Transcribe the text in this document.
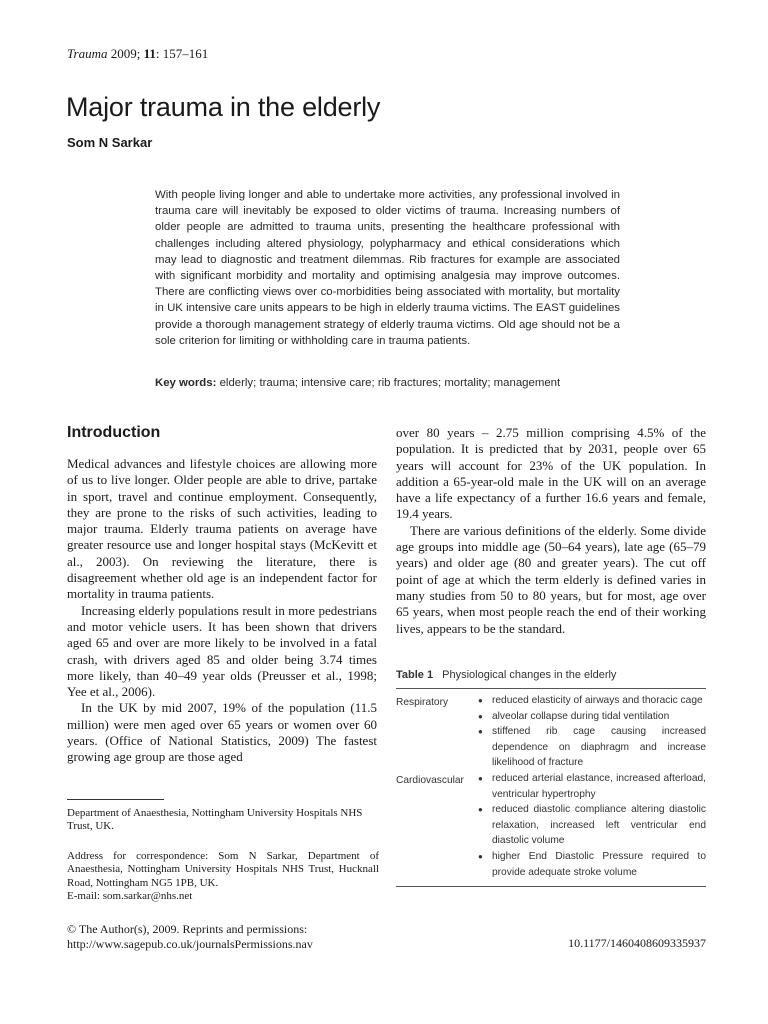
Trauma 2009; 11: 157–161
Major trauma in the elderly
Som N Sarkar

With people living longer and able to undertake more activities, any professional involved in trauma care will inevitably be exposed to older victims of trauma. Increasing numbers of older people are admitted to trauma units, presenting the healthcare professional with challenges including altered physiology, polypharmacy and ethical considerations which may lead to diagnostic and treatment dilemmas. Rib fractures for example are associated with significant morbidity and mortality and optimising analgesia may improve outcomes. There are conflicting views over co-morbidities being associated with mortality, but mortality in UK intensive care units appears to be high in elderly trauma victims. The EAST guidelines provide a thorough management strategy of elderly trauma victims. Old age should not be a sole criterion for limiting or withholding care in trauma patients.

Key words: elderly; trauma; intensive care; rib fractures; mortality; management
Introduction

Medical advances and lifestyle choices are allowing more of us to live longer. Older people are able to drive, partake in sport, travel and continue employment. Consequently, they are prone to the risks of such activities, leading to major trauma. Elderly trauma patients on average have greater resource use and longer hospital stays (McKevitt et al., 2003). On reviewing the literature, there is disagreement whether old age is an independent factor for mortality in trauma patients.

Increasing elderly populations result in more pedestrians and motor vehicle users. It has been shown that drivers aged 65 and over are more likely to be involved in a fatal crash, with drivers aged 85 and older being 3.74 times more likely, than 40–49 year olds (Preusser et al., 1998; Yee et al., 2006).

In the UK by mid 2007, 19% of the population (11.5 million) were men aged over 65 years or women over 60 years. (Office of National Statistics, 2009) The fastest growing age group are those aged

over 80 years – 2.75 million comprising 4.5% of the population. It is predicted that by 2031, people over 65 years will account for 23% of the UK population. In addition a 65-year-old male in the UK will on an average have a life expectancy of a further 16.6 years and female, 19.4 years.

There are various definitions of the elderly. Some divide age groups into middle age (50–64 years), late age (65–79 years) and older age (80 and greater years). The cut off point of age at which the term elderly is defined varies in many studies from 50 to 80 years, but for most, age over 65 years, when most people reach the end of their working lives, appears to be the standard.

Table 1 Physiological changes in the elderly
Respiratory	● reduced elasticity of airways and thoracic cage
● alveolar collapse during tidal ventilation
● stiffened rib cage causing increased dependence on diaphragm and increase likelihood of fracture
Cardiovascular	● reduced arterial elastance, increased afterload, ventricular hypertrophy
● reduced diastolic compliance altering diastolic relaxation, increased left ventricular end diastolic volume
● higher End Diastolic Pressure required to provide adequate stroke volume
Department of Anaesthesia, Nottingham University Hospitals NHS Trust, UK.
Address for correspondence: Som N Sarkar, Department of Anaesthesia, Nottingham University Hospitals NHS Trust, Hucknall Road, Nottingham NG5 1PB, UK.
E-mail: som.sarkar@nhs.net
© The Author(s), 2009. Reprints and permissions:
http://www.sagepub.co.uk/journalsPermissions.nav	10.1177/1460408609335937
